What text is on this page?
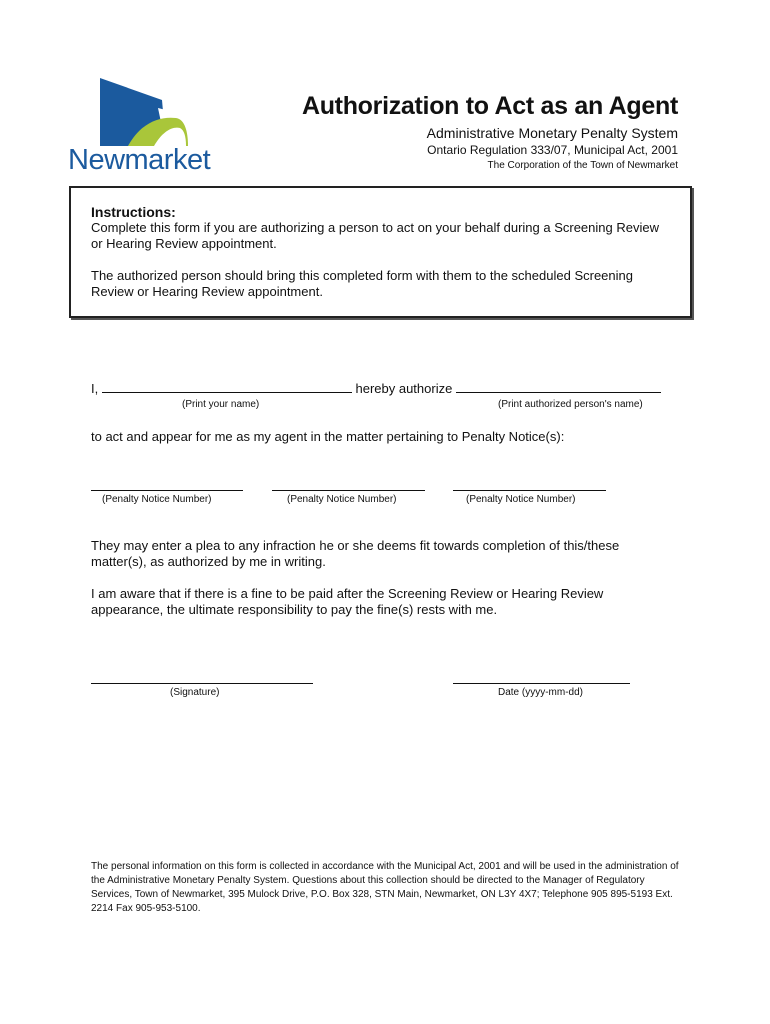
Newmarket
Authorization to Act as an Agent
Administrative Monetary Penalty System
Ontario Regulation 333/07, Municipal Act, 2001
The Corporation of the Town of Newmarket

Instructions:

Complete this form if you are authorizing a person to act on your behalf during a Screening Review or Hearing Review appointment.

The authorized person should bring this completed form with them to the scheduled Screening Review or Hearing Review appointment.

I,	hereby authorize
(Print your name)	(Print authorized person's name)
to act and appear for me as my agent in the matter pertaining to Penalty Notice(s):
(Penalty Notice Number)	(Penalty Notice Number)	(Penalty Notice Number)
They may enter a plea to any infraction he or she deems fit towards completion of this/these matter(s), as authorized by me in writing.
I am aware that if there is a fine to be paid after the Screening Review or Hearing Review appearance, the ultimate responsibility to pay the fine(s) rests with me.
(Signature)	Date (yyyy-mm-dd)
The personal information on this form is collected in accordance with the Municipal Act, 2001 and will be used in the administration of the Administrative Monetary Penalty System. Questions about this collection should be directed to the Manager of Regulatory Services, Town of Newmarket, 395 Mulock Drive, P.O. Box 328, STN Main, Newmarket, ON L3Y 4X7; Telephone 905 895-5193 Ext. 2214 Fax 905-953-5100.
